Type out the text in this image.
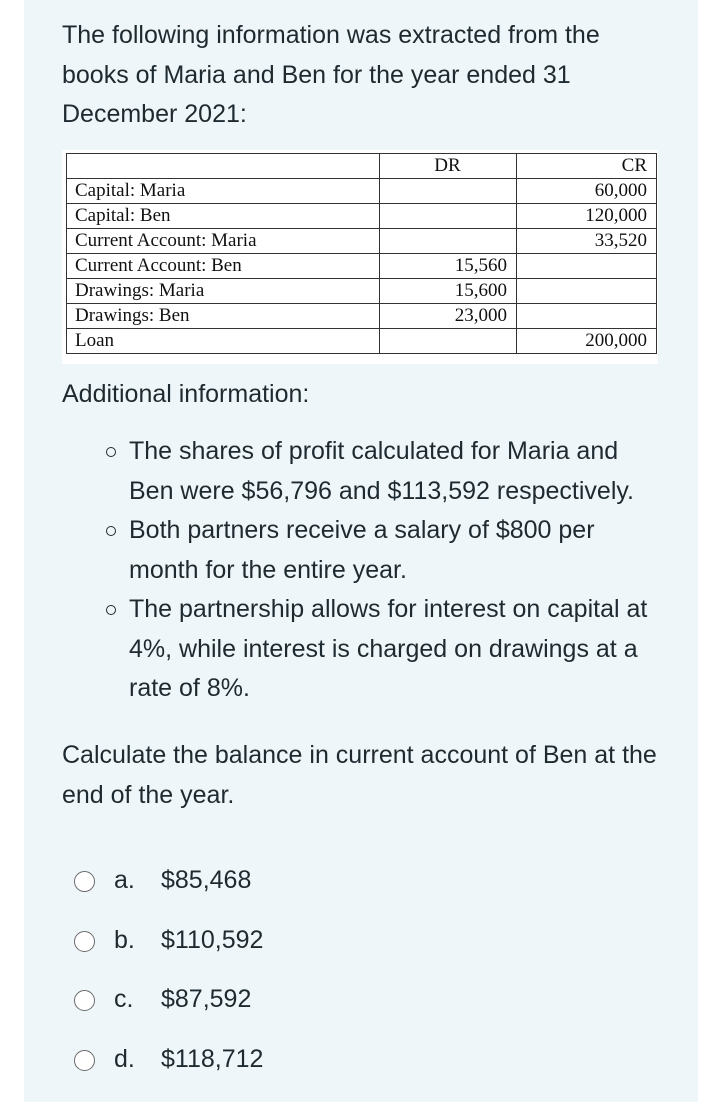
The following information was extracted from the books of Maria and Ben for the year ended 31 December 2021:

	DR	CR
Capital: Maria		60,000
Capital: Ben		120,000
Current Account: Maria		33,520
Current Account: Ben	15,560	
Drawings: Maria	15,600	
Drawings: Ben	23,000	
Loan		200,000

Additional information:

The shares of profit calculated for Maria and Ben were $56,796 and $113,592 respectively.
Both partners receive a salary of $800 per month for the entire year.
The partnership allows for interest on capital at 4%, while interest is charged on drawings at a rate of 8%.

Calculate the balance in current account of Ben at the end of the year.

a. $85,468
b. $110,592
c. $87,592
d. $118,712
